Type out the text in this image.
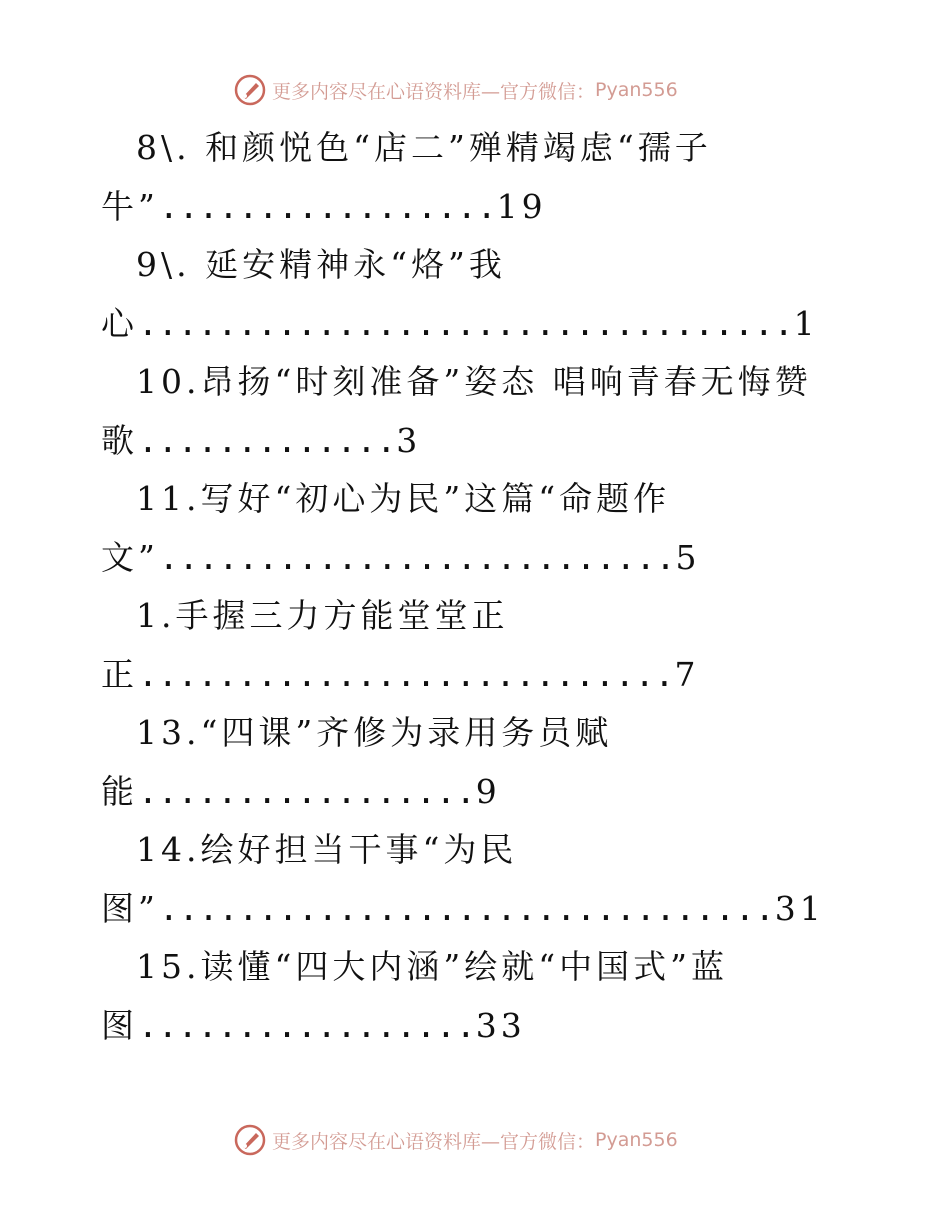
更多内容尽在心语资料库—官方微信： Pyan556
8\. 和颜悦色“店二”殚精竭虑“孺子
牛”.................19
9\. 延安精神永“烙”我
心.................................1
10.昂扬“时刻准备”姿态 唱响青春无悔赞
歌.............3
11.写好“初心为民”这篇“命题作
文”..........................5
1.手握三力方能堂堂正
正...........................7
13.“四课”齐修为录用务员赋
能.................9
14.绘好担当干事“为民
图”...............................31
15.读懂“四大内涵”绘就“中国式”蓝
图.................33
更多内容尽在心语资料库—官方微信： Pyan556
